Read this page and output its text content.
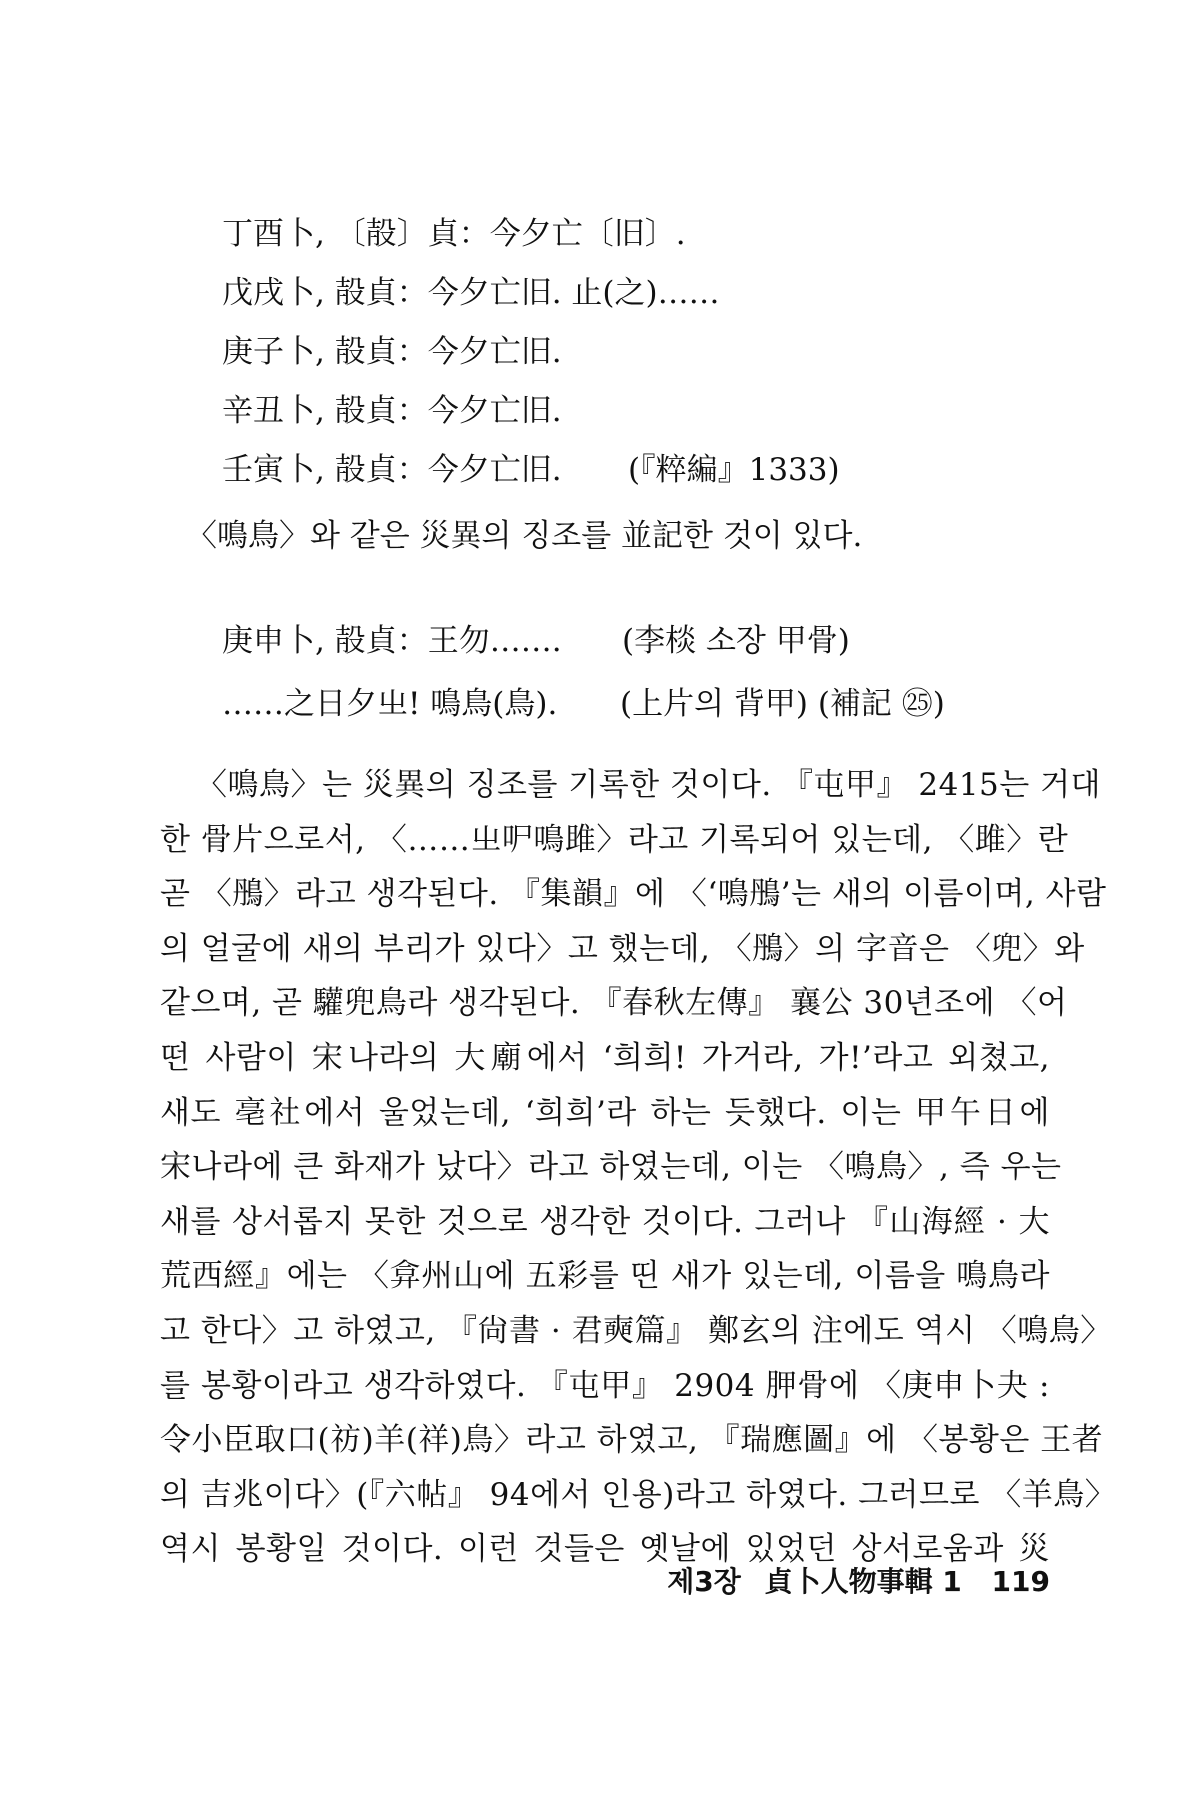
丁酉卜, 〔㱿〕貞：今夕亡〔旧〕.
戊戌卜, 㱿貞：今夕亡旧. 止(之)……
庚子卜, 㱿貞：今夕亡旧.
辛丑卜, 㱿貞：今夕亡旧.
壬寅卜, 㱿貞：今夕亡旧. (『粹編』1333)
〈鳴鳥〉와 같은 災異의 징조를 並記한 것이 있다.
庚申卜, 㱿貞：王勿……. (李棪 소장 甲骨)
……之日夕㞢! 鳴鳥(鳥). (上片의 背甲) (補記 ㉕)
〈鳴鳥〉는 災異의 징조를 기록한 것이다. 『屯甲』 2415는 거대
한 骨片으로서, 〈……㞢㕧鳴雎〉라고 기록되어 있는데, 〈雎〉란
곧 〈鴅〉라고 생각된다. 『集韻』에 〈‘鳴鴅’는 새의 이름이며, 사람
의 얼굴에 새의 부리가 있다〉고 했는데, 〈鴅〉의 字音은 〈兜〉와
같으며, 곧 驩兜鳥라 생각된다. 『春秋左傳』 襄公 30년조에 〈어
떤 사람이 宋나라의 大廟에서 ‘희희! 가거라, 가!’라고 외쳤고,
새도 亳社에서 울었는데, ‘희희’라 하는 듯했다. 이는 甲午日에
宋나라에 큰 화재가 났다〉라고 하였는데, 이는 〈鳴鳥〉, 즉 우는
새를 상서롭지 못한 것으로 생각한 것이다. 그러나 『山海經 · 大
荒西經』에는 〈弇州山에 五彩를 띤 새가 있는데, 이름을 鳴鳥라
고 한다〉고 하였고, 『尙書 · 君奭篇』 鄭玄의 注에도 역시 〈鳴鳥〉
를 봉황이라고 생각하였다. 『屯甲』 2904 胛骨에 〈庚申卜夬 :
令小臣取口(祊)羊(祥)鳥〉라고 하였고, 『瑞應圖』에 〈봉황은 王者
의 吉兆이다〉(『六帖』 94에서 인용)라고 하였다. 그러므로 〈羊鳥〉
역시 봉황일 것이다. 이런 것들은 옛날에 있었던 상서로움과 災
제3장 貞卜人物事輯 1 119
